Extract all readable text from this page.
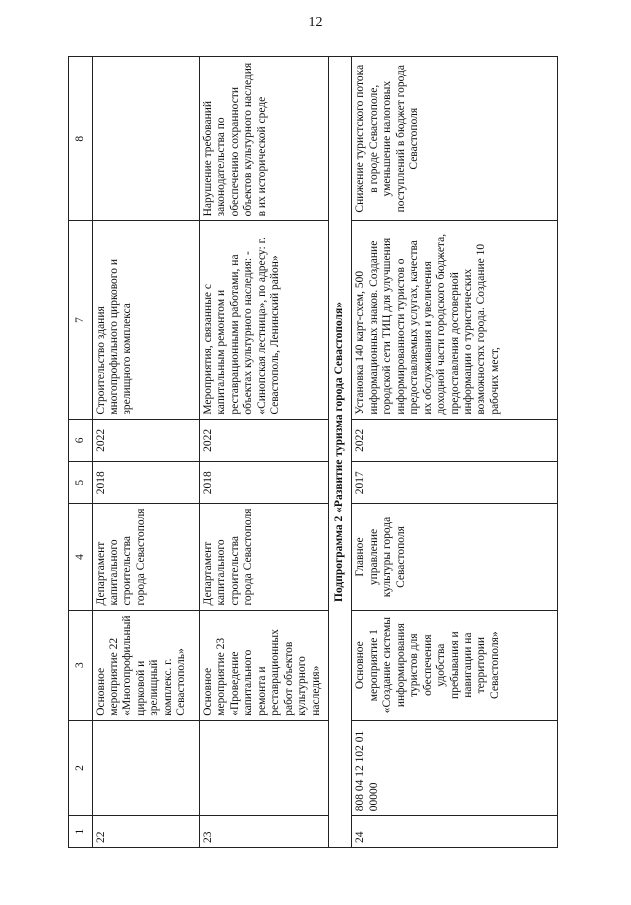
12
1	2	3	4	5	6	7	8
22		Основное мероприятие 22 «Многопрофильный цирковой и зрелищный комплекс. г. Севастополь»	Департамент капитального строительства города Севастополя	2018	2022	Строительство здания многопрофильного циркового и зрелищного комплекса	
23		Основное мероприятие 23 «Проведение капитального ремонта и реставрационных работ объектов культурного наследия»	Департамент капитального строительства города Севастополя	2018	2022	Мероприятия, связанные с капитальным ремонтом и реставрационными работами, на объектах культурного наследия: - «Синопская лестница», по адресу: г. Севастополь, Ленинский район»	Нарушение требований законодательства по обеспечению сохранности объектов культурного наследия в их исторической среде
Подпрограмма 2 «Развитие туризма города Севастополя»							
24	808 04 12 102 01 00000	Основное мероприятие 1 «Создание системы информирования туристов для обеспечения удобства пребывания и навигации на территории Севастополя»	Главное управление культуры города Севастополя	2017	2022	Установка 140 карт-схем, 500 информационных знаков. Создание городской сети ТИЦ для улучшения информированности туристов о предоставляемых услугах, качества их обслуживания и увеличения доходной части городского бюджета, предоставления достоверной информации о туристических возможностях города. Создание 10 рабочих мест,	Снижение туристского потока в городе Севастополе, уменьшение налоговых поступлений в бюджет города Севастополя
